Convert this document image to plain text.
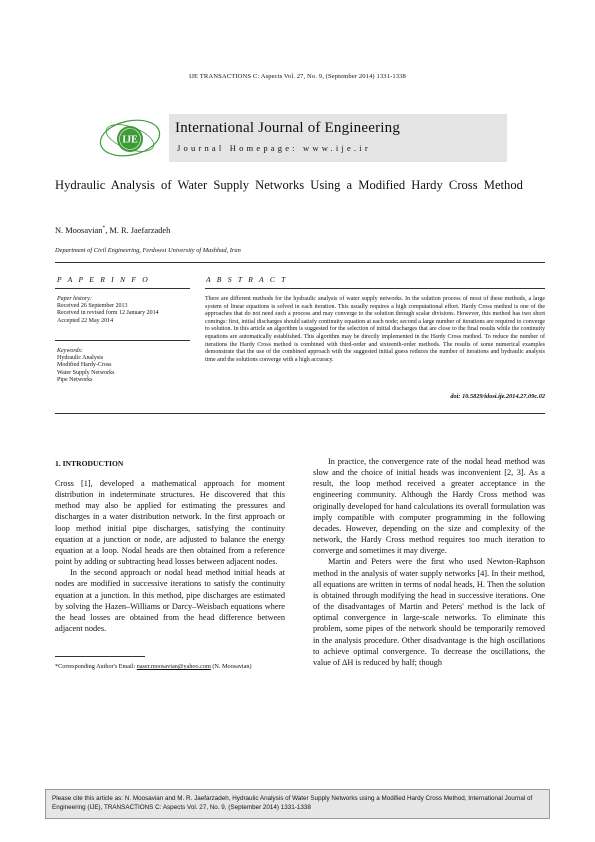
IJE TRANSACTIONS C: Aspects Vol. 27, No. 9, (September 2014) 1331-1338
IJE
International Journal of Engineering
Journal Homepage: www.ije.ir
Hydraulic Analysis of Water Supply Networks Using a Modified Hardy Cross Method
N. Moosavian*, M. R. Jaefarzadeh
Department of Civil Engineering, Ferdowsi University of Mashhad, Iran
P A P E R I N F O	A B S T R A C T
Paper history:
Received 26 September 2013
Received in revised form 12 January 2014
Accepted 22 May 2014
Keywords:
Hydraulic Analysis
Modified Hardy-Cross
Water Supply Networks
Pipe Networks
There are different methods for the hydraulic analysis of water supply networks. In the solution process of most of these methods, a large system of linear equations is solved in each iteration. This usually requires a high computational effort. Hardy Cross method is one of the approaches that do not need such a process and may converge to the solution through scalar divisions. However, this method has two short comings: first, initial discharges should satisfy continuity equation at each node; second a large number of iterations are required to converge to solution. In this article an algorithm is suggested for the selection of initial discharges that are close to the final results while the continuity equations are automatically established. This algorithm may be directly implemented in the Hardy Cross method. To reduce the number of iterations the Hardy Cross method is combined with third-order and sixteenth-order methods. The results of some numerical examples demonstrate that the use of the combined approach with the suggested initial guess reduces the number of iterations and hydraulic analysis time and the solutions converge with a high accuracy.
doi: 10.5829/idosi.ije.2014.27.09c.02
1. INTRODUCTION

Cross [1], developed a mathematical approach for moment distribution in indeterminate structures. He discovered that this method may also be applied for estimating the pressures and discharges in a water distribution network. In the first approach or loop method initial pipe discharges, satisfying the continuity equation at a junction or node, are adjusted to balance the energy equation at a loop. Nodal heads are then obtained from a reference point by adding or subtracting head losses between adjacent nodes.

In the second approach or nodal head method initial heads at nodes are modified in successive iterations to satisfy the continuity equation at a junction. In this method, pipe discharges are estimated by solving the Hazen–Williams or Darcy–Weisbach equations where the head losses are obtained from the head difference between adjacent nodes.

*Corresponding Author's Email: naser.moosavian@yahoo.com (N. Moosavian)

In practice, the convergence rate of the nodal head method was slow and the choice of initial heads was inconvenient [2, 3]. As a result, the loop method received a greater acceptance in the engineering community. Although the Hardy Cross method was originally developed for hand calculations its overall formulation was imply compatible with computer programming in the following decades. However, depending on the size and complexity of the network, the Hardy Cross method requires too much iteration to converge and sometimes it may diverge.

Martin and Peters were the first who used Newton-Raphson method in the analysis of water supply networks [4]. In their method, all equations are written in terms of nodal heads, H. Then the solution is obtained through modifying the head in successive iterations. One of the disadvantages of Martin and Peters' method is the lack of optimal convergence in large-scale networks. To eliminate this problem, some pipes of the network should be temporarily removed in the analysis procedure. Other disadvantage is the high oscillations to achieve optimal convergence. To decrease the oscillations, the value of ΔH is reduced by half; though

Please cite this article as: N. Moosavian and M. R. Jaefarzadeh, Hydraulic Analysis of Water Supply Networks using a Modified Hardy Cross Method, International Journal of Engineering (IJE), TRANSACTIONS C: Aspects Vol. 27, No. 9, (September 2014) 1331-1338
